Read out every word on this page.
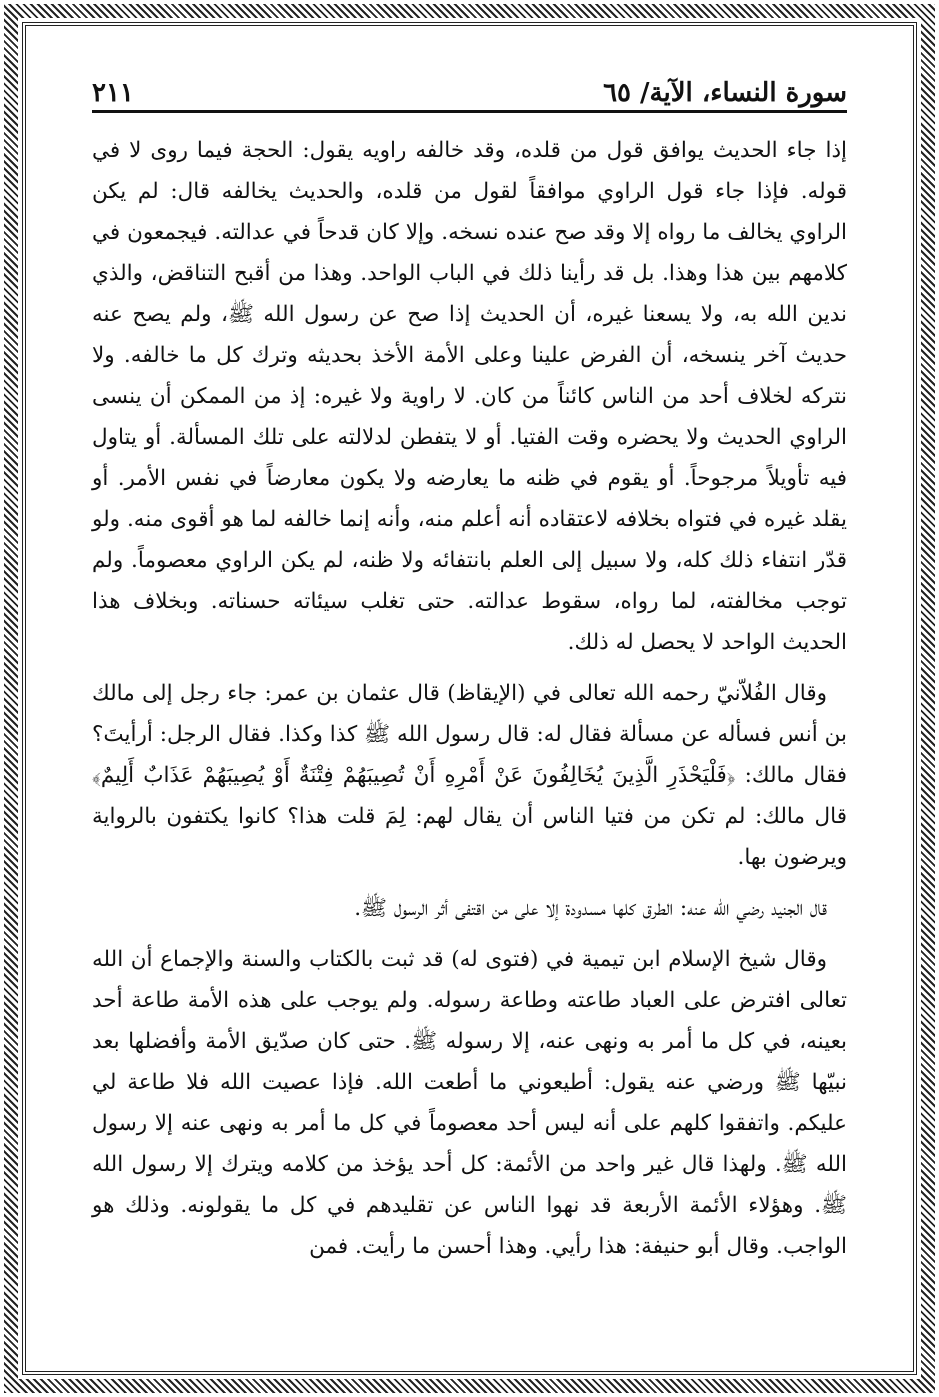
سورة النساء، الآية/ ٦٥
٢١١

إذا جاء الحديث يوافق قول من قلده، وقد خالفه راويه يقول: الحجة فيما روى لا في قوله. فإذا جاء قول الراوي موافقاً لقول من قلده، والحديث يخالفه قال: لم يكن الراوي يخالف ما رواه إلا وقد صح عنده نسخه. وإلا كان قدحاً في عدالته. فيجمعون في كلامهم بين هذا وهذا. بل قد رأينا ذلك في الباب الواحد. وهذا من أقبح التناقض، والذي ندين الله به، ولا يسعنا غيره، أن الحديث إذا صح عن رسول الله ﷺ، ولم يصح عنه حديث آخر ينسخه، أن الفرض علينا وعلى الأمة الأخذ بحديثه وترك كل ما خالفه. ولا نتركه لخلاف أحد من الناس كائناً من كان. لا راوية ولا غيره: إذ من الممكن أن ينسى الراوي الحديث ولا يحضره وقت الفتيا. أو لا يتفطن لدلالته على تلك المسألة. أو يتاول فيه تأويلاً مرجوحاً. أو يقوم في ظنه ما يعارضه ولا يكون معارضاً في نفس الأمر. أو يقلد غيره في فتواه بخلافه لاعتقاده أنه أعلم منه، وأنه إنما خالفه لما هو أقوى منه. ولو قدّر انتفاء ذلك كله، ولا سبيل إلى العلم بانتفائه ولا ظنه، لم يكن الراوي معصوماً. ولم توجب مخالفته، لما رواه، سقوط عدالته. حتى تغلب سيئاته حسناته. وبخلاف هذا الحديث الواحد لا يحصل له ذلك.

وقال الفُلاّنيّ رحمه الله تعالى في (الإيقاظ) قال عثمان بن عمر: جاء رجل إلى مالك بن أنس فسأله عن مسألة فقال له: قال رسول الله ﷺ كذا وكذا. فقال الرجل: أرأيتَ؟ فقال مالك: ﴿فَلْيَحْذَرِ الَّذِينَ يُخَالِفُونَ عَنْ أَمْرِهِ أَنْ تُصِيبَهُمْ فِتْنَةٌ أَوْ يُصِيبَهُمْ عَذَابٌ أَلِيمٌ﴾ قال مالك: لم تكن من فتيا الناس أن يقال لهم: لِمَ قلت هذا؟ كانوا يكتفون بالرواية ويرضون بها.

قال الجنيد رضي الله عنه: الطرق كلها مسدودة إلا على من اقتفى أثر الرسول ﷺ.

وقال شيخ الإسلام ابن تيمية في (فتوى له) قد ثبت بالكتاب والسنة والإجماع أن الله تعالى افترض على العباد طاعته وطاعة رسوله. ولم يوجب على هذه الأمة طاعة أحد بعينه، في كل ما أمر به ونهى عنه، إلا رسوله ﷺ. حتى كان صدّيق الأمة وأفضلها بعد نبيّها ﷺ ورضي عنه يقول: أطيعوني ما أطعت الله. فإذا عصيت الله فلا طاعة لي عليكم. واتفقوا كلهم على أنه ليس أحد معصوماً في كل ما أمر به ونهى عنه إلا رسول الله ﷺ. ولهذا قال غير واحد من الأئمة: كل أحد يؤخذ من كلامه ويترك إلا رسول الله ﷺ. وهؤلاء الأئمة الأربعة قد نهوا الناس عن تقليدهم في كل ما يقولونه. وذلك هو الواجب. وقال أبو حنيفة: هذا رأيي. وهذا أحسن ما رأيت. فمن
